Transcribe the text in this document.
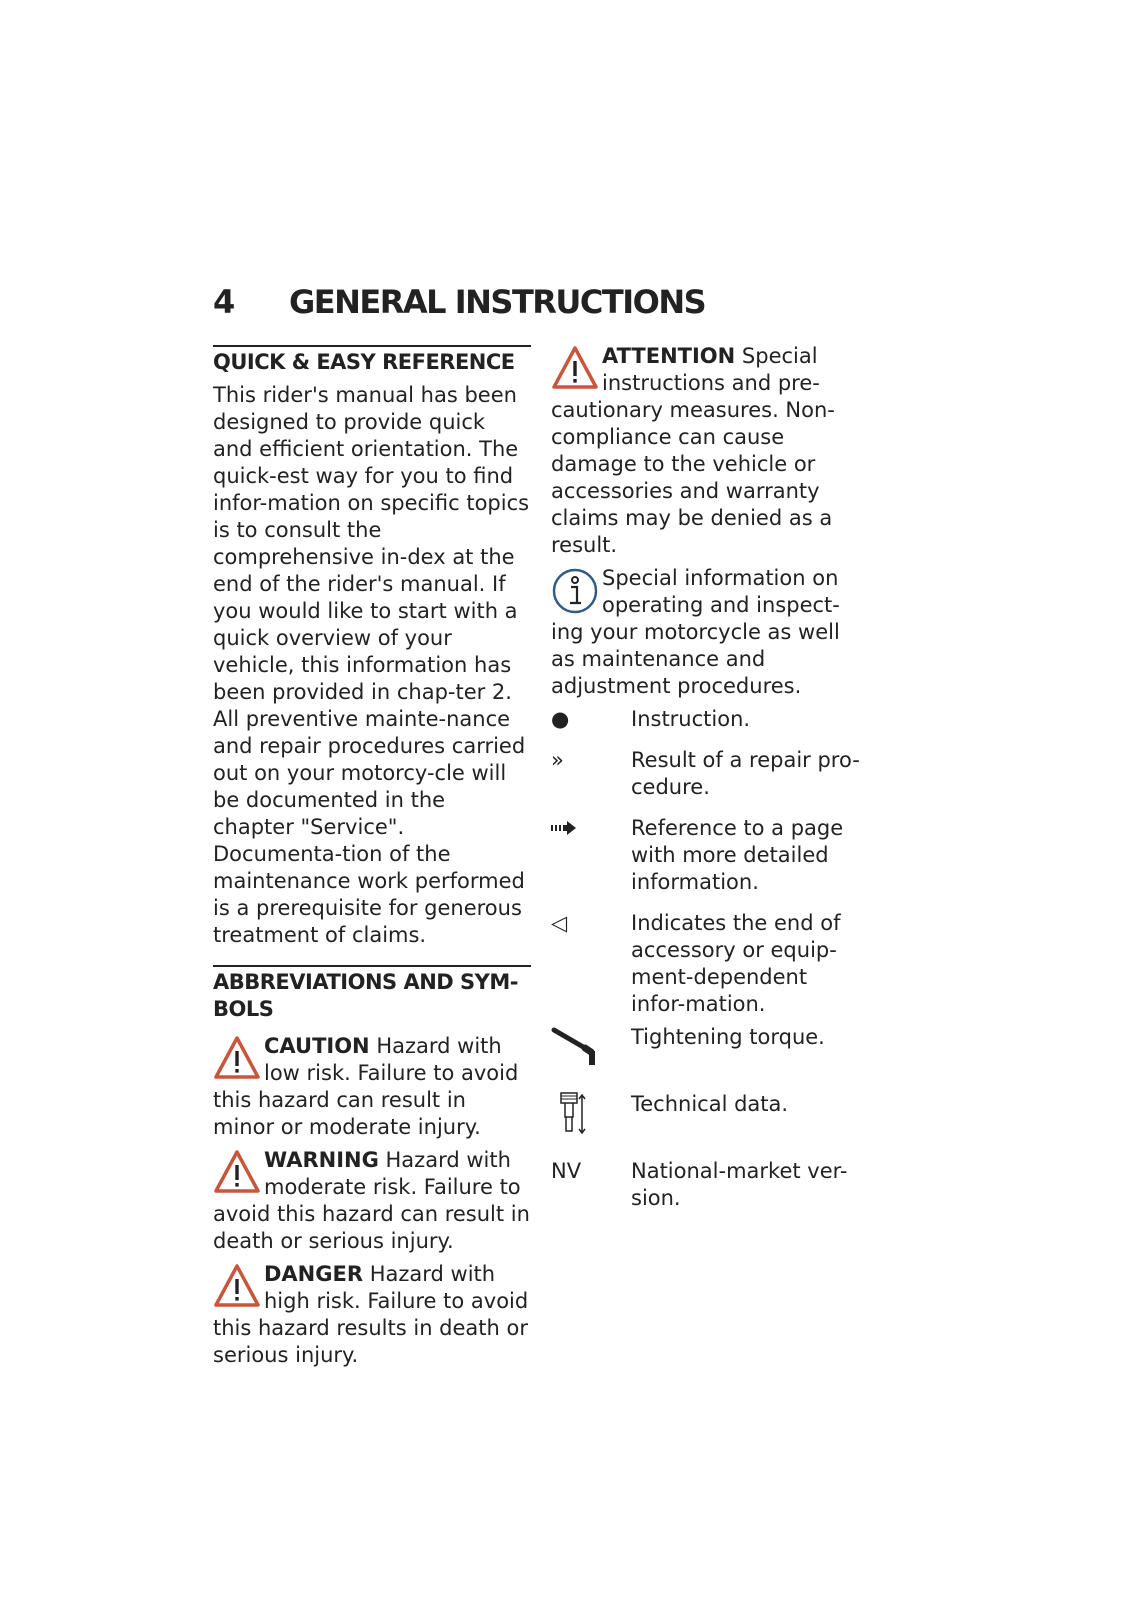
4 GENERAL INSTRUCTIONS
QUICK & EASY REFERENCE

This rider's manual has been designed to provide quick and efficient orientation. The quick-est way for you to find infor-mation on specific topics is to consult the comprehensive in-dex at the end of the rider's manual. If you would like to start with a quick overview of your vehicle, this information has been provided in chap-ter 2. All preventive mainte-nance and repair procedures carried out on your motorcy-cle will be documented in the chapter "Service". Documenta-tion of the maintenance work performed is a prerequisite for generous treatment of claims.

ABBREVIATIONS AND SYM-BOLS
CAUTION Hazard with low risk. Failure to avoid this hazard can result in minor or moderate injury.
WARNING Hazard with moderate risk. Failure to avoid this hazard can result in death or serious injury.
DANGER Hazard with high risk. Failure to avoid this hazard results in death or serious injury.
ATTENTION Special instructions and pre-cautionary measures. Non-compliance can cause damage to the vehicle or accessories and warranty claims may be denied as a result.
Special information on operating and inspect-ing your motorcycle as well as maintenance and adjustment procedures.
●	Instruction.
»	Result of a repair pro-cedure.
Reference to a page with more detailed information.
◁	Indicates the end of accessory or equip-ment-dependent infor-mation.
Tightening torque.
Technical data.
NV	National-market ver-sion.
